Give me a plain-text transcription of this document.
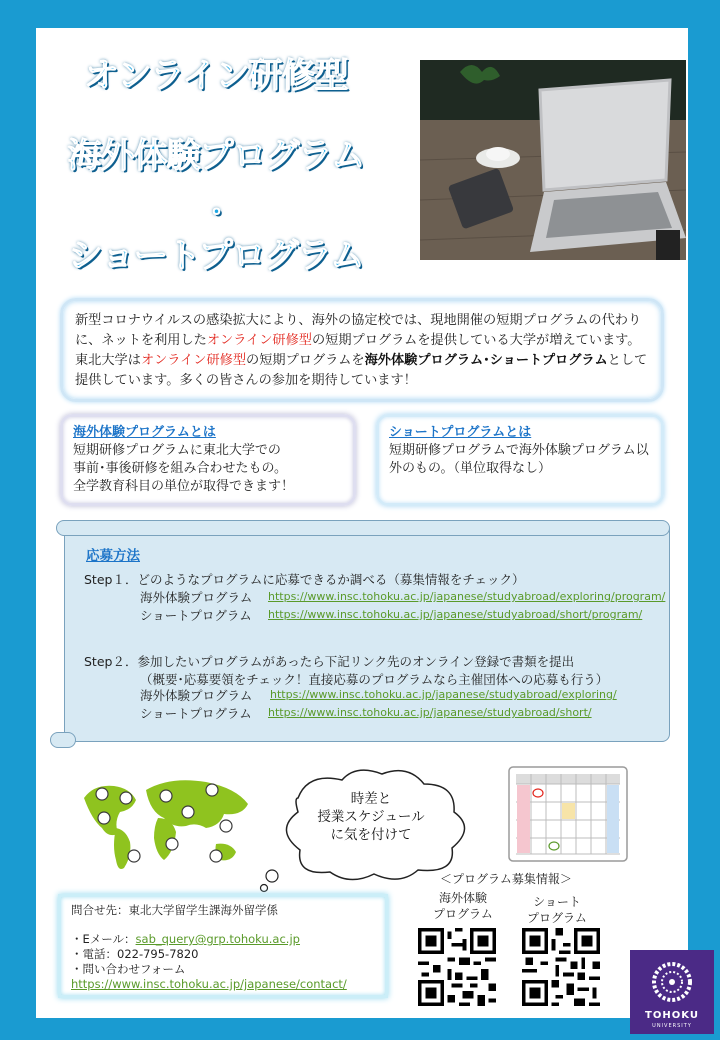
オンライン研修型
海外体験プログラム
・
ショートプログラム
新型コロナウイルスの感染拡大により、海外の協定校では、現地開催の短期プログラムの代わりに、ネットを利用したオンライン研修型の短期プログラムを提供している大学が増えています。
東北大学はオンライン研修型の短期プログラムを海外体験プログラム･ショートプログラムとして提供しています。多くの皆さんの参加を期待しています！
海外体験プログラムとは
短期研修プログラムに東北大学での
事前･事後研修を組み合わせたもの。
全学教育科目の単位が取得できます！
ショートプログラムとは
短期研修プログラムで海外体験プログラム以
外のもの。（単位取得なし）
応募方法
Step１．どのようなプログラムに応募できるか調べる（募集情報をチェック）
海外体験プログラム https://www.insc.tohoku.ac.jp/japanese/studyabroad/exploring/program/
ショートプログラム https://www.insc.tohoku.ac.jp/japanese/studyabroad/short/program/
Step２．参加したいプログラムがあったら下記リンク先のオンライン登録で書類を提出
（概要･応募要領をチェック！直接応募のプログラムなら主催団体への応募も行う）
海外体験プログラム https://www.insc.tohoku.ac.jp/japanese/studyabroad/exploring/
ショートプログラム https://www.insc.tohoku.ac.jp/japanese/studyabroad/short/
時差と
授業スケジュール
に気を付けて
＜プログラム募集情報＞
海外体験
プログラム
ショート
プログラム
問合せ先：東北大学留学生課海外留学係
・Eメール：sab_query@grp.tohoku.ac.jp
・電話：022-795-7820
・問い合わせフォーム
https://www.insc.tohoku.ac.jp/japanese/contact/
TOHOKU
UNIVERSITY
